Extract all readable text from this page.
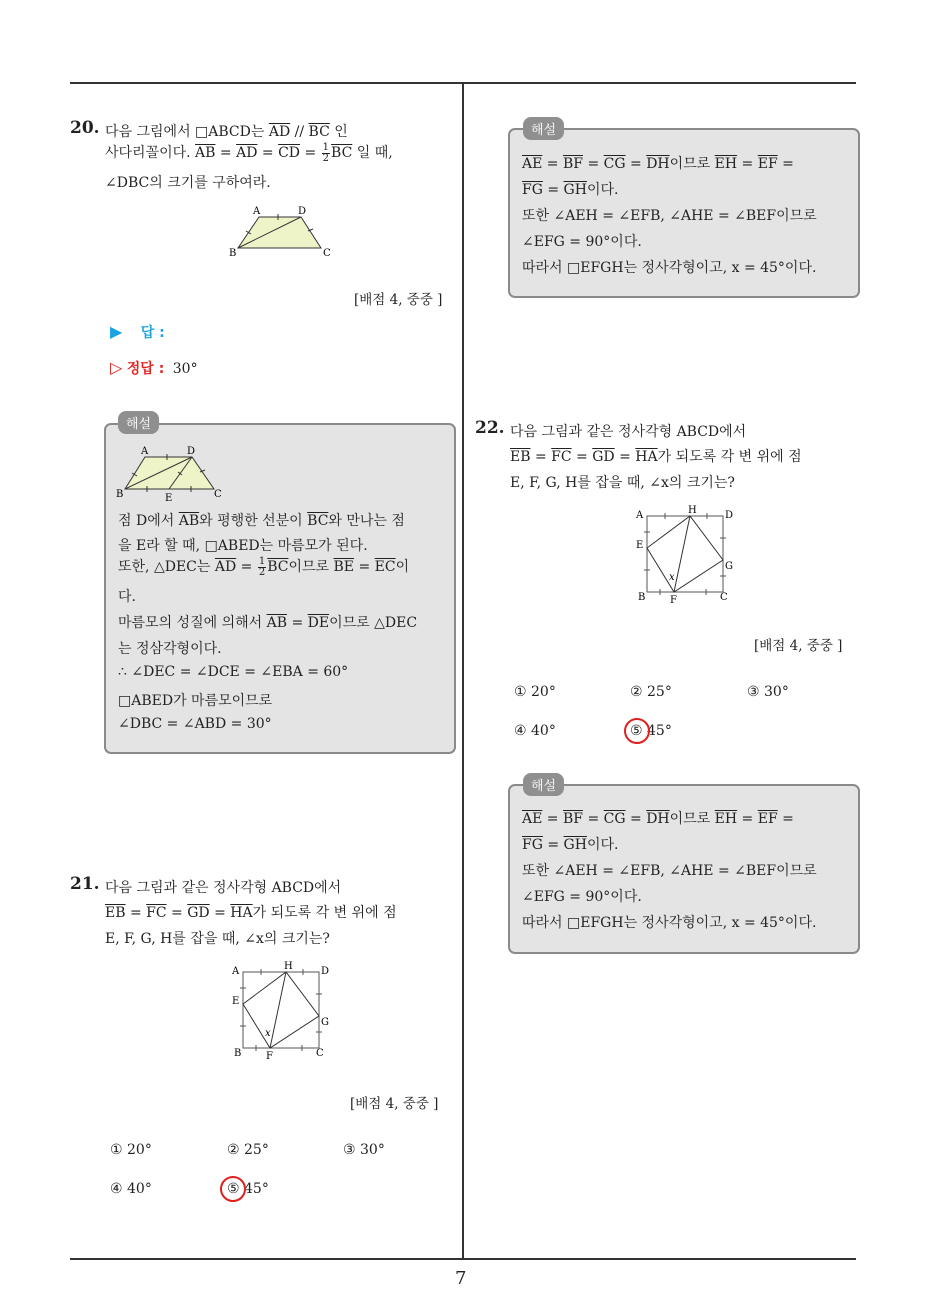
7
20. 다음 그림에서 □ABCD는 $\overline{AD} // \overline{BC}$ 인
사다리꼴이다. $\overline{AB} = \overline{AD} = \overline{CD} = \frac{1}{2} \overline{BC}$ 일 때,
∠DBC의 크기를 구하여라.
A	D
B	C
[배점 4, 중중 ]
▶ 답 :
▷ 정답 : 30°
해설
A	D
B	E	C
점 D에서 $\overline{AB}$와 평행한 선분이 $\overline{BC}$와 만나는 점
을 E라 할 때, □ABED는 마름모가 된다.
또한, △DEC는 $\overline{AD} = \frac{1}{2} \overline{BC}$이므로 $\overline{BE} = \overline{EC}$이
다.
마름모의 성질에 의해서 $\overline{AB} = \overline{DE}$이므로 △DEC
는 정삼각형이다.
∴ ∠DEC = ∠DCE = ∠EBA = 60°
□ABED가 마름모이므로
∠DBC = ∠ABD = 30°
21. 다음 그림과 같은 정사각형 ABCD에서
$\overline{EB} = \overline{FC} = \overline{GD} = \overline{HA}$가 되도록 각 변 위에 점
E, F, G, H를 잡을 때, ∠x의 크기는?
A	H	D
E
G
x
B F	C
[배점 4, 중중 ]
① 20°	② 25°	③ 30°
④ 40°	⑤ 45°
해설
$\overline{AE} = \overline{BF} = \overline{CG} = \overline{DH}$이므로 $\overline{EH} = \overline{EF}$ =
$\overline{FG} = \overline{GH}$이다.
또한 ∠AEH = ∠EFB, ∠AHE = ∠BEF이므로
∠EFG = 90°이다.
따라서 □EFGH는 정사각형이고, x = 45°이다.
22. 다음 그림과 같은 정사각형 ABCD에서
$\overline{EB} = \overline{FC} = \overline{GD} = \overline{HA}$가 되도록 각 변 위에 점
E, F, G, H를 잡을 때, ∠x의 크기는?
A	H	D
E
G
x
B F	C
[배점 4, 중중 ]
① 20°	② 25°	③ 30°
④ 40°	⑤ 45°
해설
$\overline{AE} = \overline{BF} = \overline{CG} = \overline{DH}$이므로 $\overline{EH} = \overline{EF}$ =
$\overline{FG} = \overline{GH}$이다.
또한 ∠AEH = ∠EFB, ∠AHE = ∠BEF이므로
∠EFG = 90°이다.
따라서 □EFGH는 정사각형이고, x = 45°이다.
